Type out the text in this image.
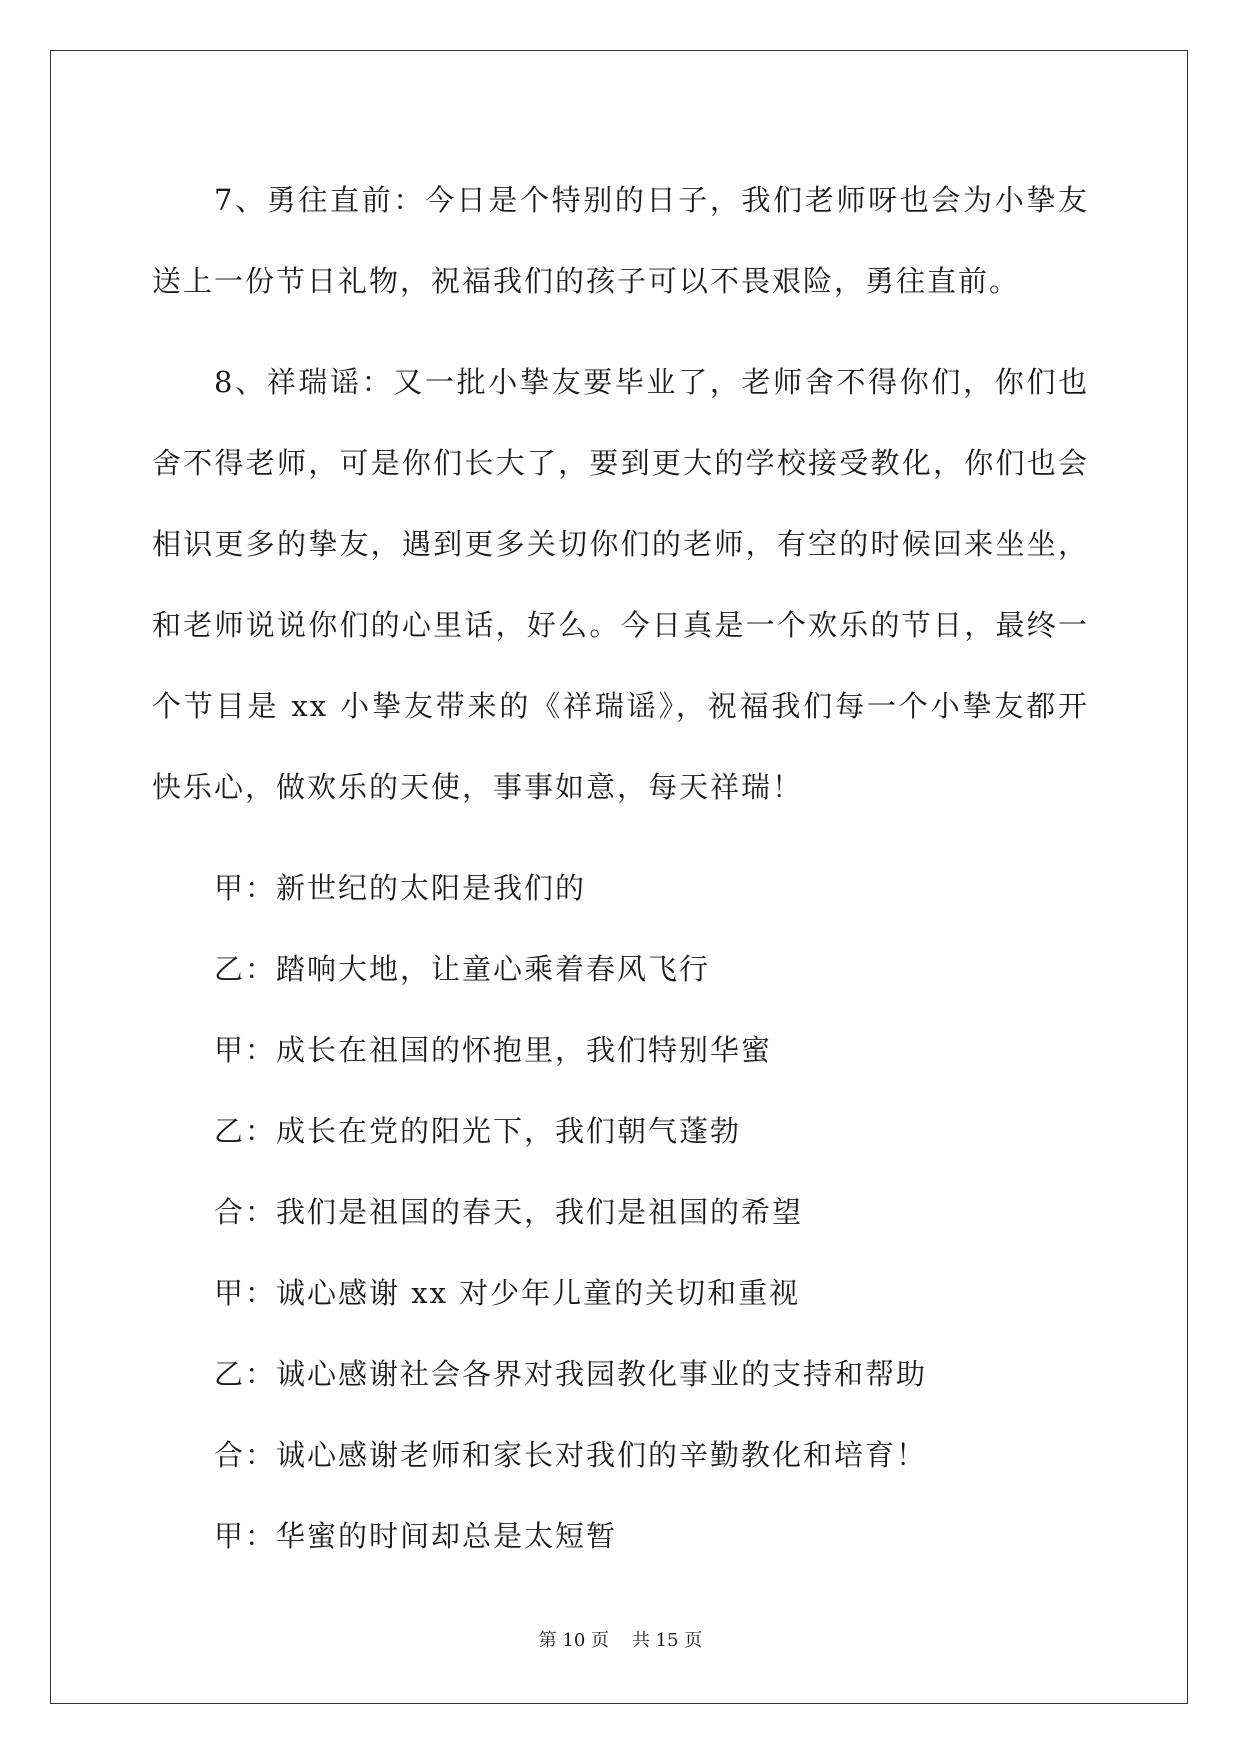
7、勇往直前：今日是个特别的日子，我们老师呀也会为小挚友送上一份节日礼物，祝福我们的孩子可以不畏艰险，勇往直前。

8、祥瑞谣：又一批小挚友要毕业了，老师舍不得你们，你们也舍不得老师，可是你们长大了，要到更大的学校接受教化，你们也会相识更多的挚友，遇到更多关切你们的老师，有空的时候回来坐坐，和老师说说你们的心里话，好么。今日真是一个欢乐的节日，最终一个节目是 xx 小挚友带来的《祥瑞谣》，祝福我们每一个小挚友都开快乐心，做欢乐的天使，事事如意，每天祥瑞！

甲：新世纪的太阳是我们的

乙：踏响大地，让童心乘着春风飞行

甲：成长在祖国的怀抱里，我们特别华蜜

乙：成长在党的阳光下，我们朝气蓬勃

合：我们是祖国的春天，我们是祖国的希望

甲：诚心感谢 xx 对少年儿童的关切和重视

乙：诚心感谢社会各界对我园教化事业的支持和帮助

合：诚心感谢老师和家长对我们的辛勤教化和培育！

甲：华蜜的时间却总是太短暂

第 10 页 共 15 页
